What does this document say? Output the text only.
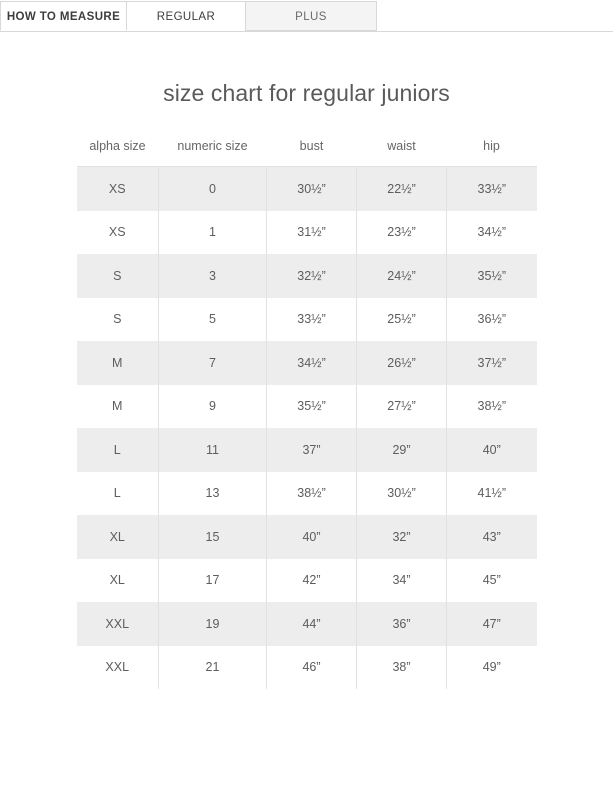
HOW TO MEASURE	REGULAR	PLUS
size chart for regular juniors
alpha size	numeric size	bust	waist	hip
XS	0	30½”	22½”	33½”
XS	1	31½”	23½”	34½”
S	3	32½”	24½”	35½”
S	5	33½”	25½”	36½”
M	7	34½”	26½”	37½”
M	9	35½”	27½”	38½”
L	11	37”	29”	40”
L	13	38½”	30½”	41½”
XL	15	40”	32”	43”
XL	17	42”	34”	45”
XXL	19	44”	36”	47”
XXL	21	46”	38”	49”
